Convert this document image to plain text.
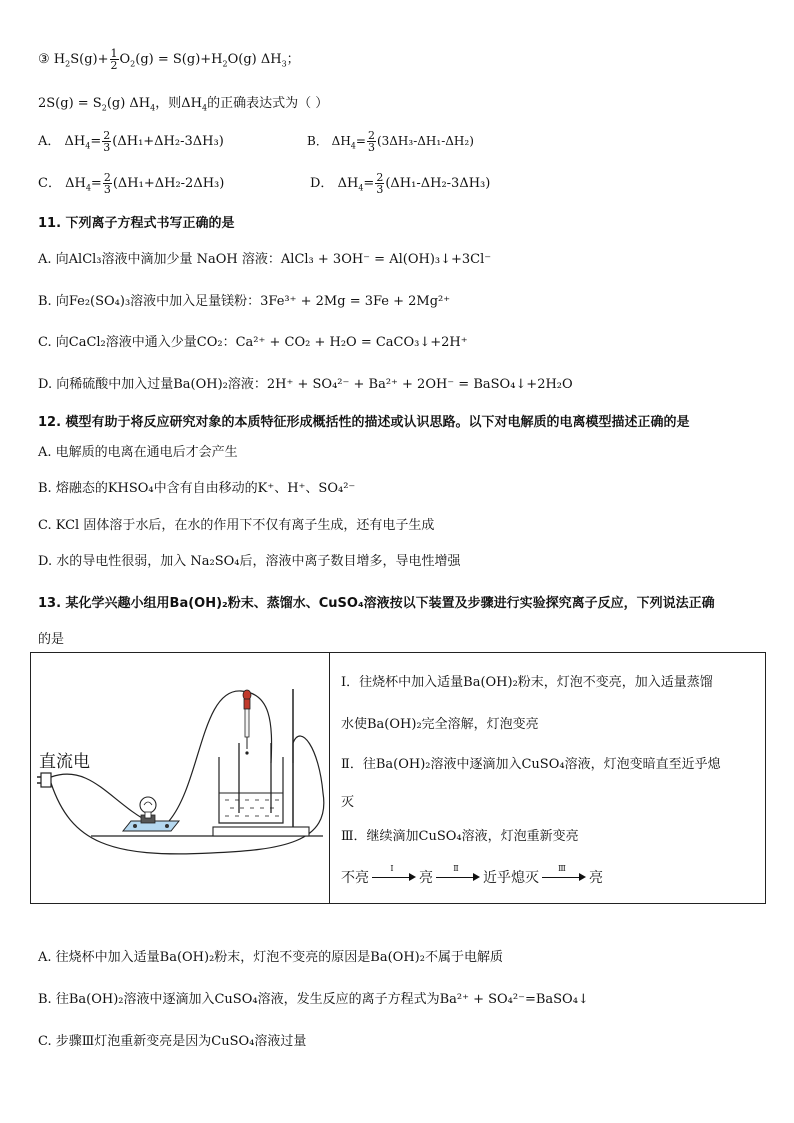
③ $H_2S(g)+ \frac{1}{2} O_2(g) = S(g)+H_2O(g)$ $\Delta H_3$；
$2S(g) = S_2(g)$ $\Delta H_4$，则$\Delta H_4$的正确表达式为（ ）
A． $\Delta H_4= \frac{2}{3} (\Delta H_1+\Delta H_2-3\Delta H_3)$	B． $\Delta H_4= \frac{2}{3} (3\Delta H_3-\Delta H_1-\Delta H_2)$
C． $\Delta H_4= \frac{2}{3} (\Delta H_1+\Delta H_2-2\Delta H_3)$	D． $\Delta H_4= \frac{2}{3} (\Delta H_1-\Delta H_2-3\Delta H_3)$
11. 下列离子方程式书写正确的是
A. 向AlCl₃溶液中滴加少量 NaOH 溶液：AlCl₃ + 3OH⁻ = Al(OH)₃↓+3Cl⁻
B. 向Fe₂(SO₄)₃溶液中加入足量镁粉：3Fe³⁺ + 2Mg = 3Fe + 2Mg²⁺
C. 向CaCl₂溶液中通入少量CO₂：Ca²⁺ + CO₂ + H₂O = CaCO₃↓+2H⁺
D. 向稀硫酸中加入过量Ba(OH)₂溶液：2H⁺ + SO₄²⁻ + Ba²⁺ + 2OH⁻ = BaSO₄↓+2H₂O
12. 模型有助于将反应研究对象的本质特征形成概括性的描述或认识思路。以下对电解质的电离模型描述正确的是
A. 电解质的电离在通电后才会产生
B. 熔融态的KHSO₄中含有自由移动的K⁺、H⁺、SO₄²⁻
C. KCl 固体溶于水后，在水的作用下不仅有离子生成，还有电子生成
D. 水的导电性很弱，加入 Na₂SO₄后，溶液中离子数目增多，导电性增强
13. 某化学兴趣小组用Ba(OH)₂粉末、蒸馏水、CuSO₄溶液按以下装置及步骤进行实验探究离子反应，下列说法正确
的是
直流电
Ⅰ．往烧杯中加入适量Ba(OH)₂粉末，灯泡不变亮，加入适量蒸馏
水使Ba(OH)₂完全溶解，灯泡变亮
Ⅱ．往Ba(OH)₂溶液中逐滴加入CuSO₄溶液，灯泡变暗直至近乎熄
灭
Ⅲ．继续滴加CuSO₄溶液，灯泡重新变亮
不亮
Ⅰ
亮
Ⅱ
近乎熄灭
Ⅲ
亮
A. 往烧杯中加入适量Ba(OH)₂粉末，灯泡不变亮的原因是Ba(OH)₂不属于电解质
B. 往Ba(OH)₂溶液中逐滴加入CuSO₄溶液，发生反应的离子方程式为Ba²⁺ + SO₄²⁻=BaSO₄↓
C. 步骤Ⅲ灯泡重新变亮是因为CuSO₄溶液过量
